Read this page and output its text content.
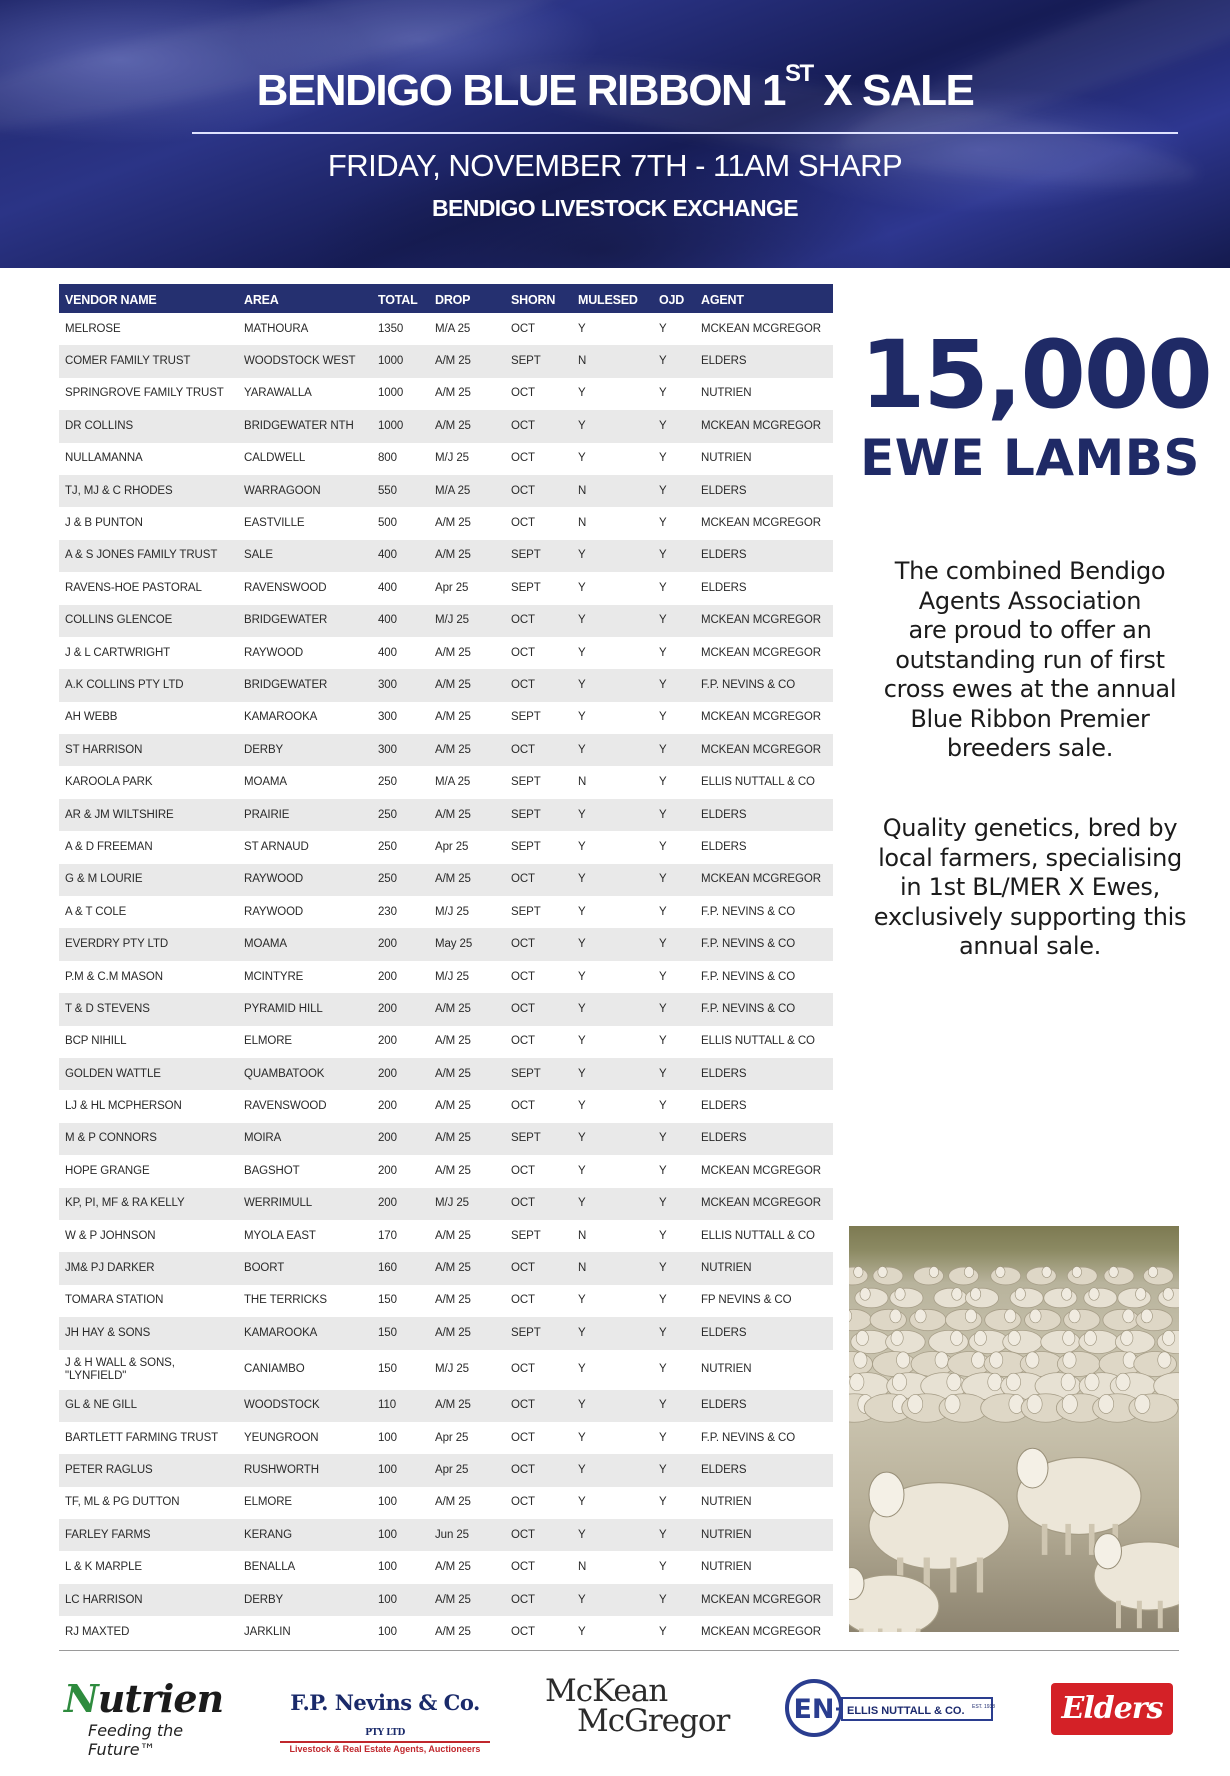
BENDIGO BLUE RIBBON 1ST X SALE
FRIDAY, NOVEMBER 7TH - 11AM SHARP
BENDIGO LIVESTOCK EXCHANGE
VENDOR NAME	AREA	TOTAL	DROP	SHORN	MULESED	OJD	AGENT
MELROSE	MATHOURA	1350	M/A 25	OCT	Y	Y	MCKEAN MCGREGOR
COMER FAMILY TRUST	WOODSTOCK WEST	1000	A/M 25	SEPT	N	Y	ELDERS
SPRINGROVE FAMILY TRUST	YARAWALLA	1000	A/M 25	OCT	Y	Y	NUTRIEN
DR COLLINS	BRIDGEWATER NTH	1000	A/M 25	OCT	Y	Y	MCKEAN MCGREGOR
NULLAMANNA	CALDWELL	800	M/J 25	OCT	Y	Y	NUTRIEN
TJ, MJ & C RHODES	WARRAGOON	550	M/A 25	OCT	N	Y	ELDERS
J & B PUNTON	EASTVILLE	500	A/M 25	OCT	N	Y	MCKEAN MCGREGOR
A & S JONES FAMILY TRUST	SALE	400	A/M 25	SEPT	Y	Y	ELDERS
RAVENS-HOE PASTORAL	RAVENSWOOD	400	Apr 25	SEPT	Y	Y	ELDERS
COLLINS GLENCOE	BRIDGEWATER	400	M/J 25	OCT	Y	Y	MCKEAN MCGREGOR
J & L CARTWRIGHT	RAYWOOD	400	A/M 25	OCT	Y	Y	MCKEAN MCGREGOR
A.K COLLINS PTY LTD	BRIDGEWATER	300	A/M 25	OCT	Y	Y	F.P. NEVINS & CO
AH WEBB	KAMAROOKA	300	A/M 25	SEPT	Y	Y	MCKEAN MCGREGOR
ST HARRISON	DERBY	300	A/M 25	OCT	Y	Y	MCKEAN MCGREGOR
KAROOLA PARK	MOAMA	250	M/A 25	SEPT	N	Y	ELLIS NUTTALL & CO
AR & JM WILTSHIRE	PRAIRIE	250	A/M 25	SEPT	Y	Y	ELDERS
A & D FREEMAN	ST ARNAUD	250	Apr 25	SEPT	Y	Y	ELDERS
G & M LOURIE	RAYWOOD	250	A/M 25	OCT	Y	Y	MCKEAN MCGREGOR
A & T COLE	RAYWOOD	230	M/J 25	SEPT	Y	Y	F.P. NEVINS & CO
EVERDRY PTY LTD	MOAMA	200	May 25	OCT	Y	Y	F.P. NEVINS & CO
P.M & C.M MASON	MCINTYRE	200	M/J 25	OCT	Y	Y	F.P. NEVINS & CO
T & D STEVENS	PYRAMID HILL	200	A/M 25	OCT	Y	Y	F.P. NEVINS & CO
BCP NIHILL	ELMORE	200	A/M 25	OCT	Y	Y	ELLIS NUTTALL & CO
GOLDEN WATTLE	QUAMBATOOK	200	A/M 25	SEPT	Y	Y	ELDERS
LJ & HL MCPHERSON	RAVENSWOOD	200	A/M 25	OCT	Y	Y	ELDERS
M & P CONNORS	MOIRA	200	A/M 25	SEPT	Y	Y	ELDERS
HOPE GRANGE	BAGSHOT	200	A/M 25	OCT	Y	Y	MCKEAN MCGREGOR
KP, PI, MF & RA KELLY	WERRIMULL	200	M/J 25	OCT	Y	Y	MCKEAN MCGREGOR
W & P JOHNSON	MYOLA EAST	170	A/M 25	SEPT	N	Y	ELLIS NUTTALL & CO
JM& PJ DARKER	BOORT	160	A/M 25	OCT	N	Y	NUTRIEN
TOMARA STATION	THE TERRICKS	150	A/M 25	OCT	Y	Y	FP NEVINS & CO
JH HAY & SONS	KAMAROOKA	150	A/M 25	SEPT	Y	Y	ELDERS
J & H WALL & SONS, "LYNFIELD"	CANIAMBO	150	M/J 25	OCT	Y	Y	NUTRIEN
GL & NE GILL	WOODSTOCK	110	A/M 25	OCT	Y	Y	ELDERS
BARTLETT FARMING TRUST	YEUNGROON	100	Apr 25	OCT	Y	Y	F.P. NEVINS & CO
PETER RAGLUS	RUSHWORTH	100	Apr 25	OCT	Y	Y	ELDERS
TF, ML & PG DUTTON	ELMORE	100	A/M 25	OCT	Y	Y	NUTRIEN
FARLEY FARMS	KERANG	100	Jun 25	OCT	Y	Y	NUTRIEN
L & K MARPLE	BENALLA	100	A/M 25	OCT	N	Y	NUTRIEN
LC HARRISON	DERBY	100	A/M 25	OCT	Y	Y	MCKEAN MCGREGOR
RJ MAXTED	JARKLIN	100	A/M 25	OCT	Y	Y	MCKEAN MCGREGOR
15,000
EWE LAMBS
The combined Bendigo
Agents Association
are proud to offer an
outstanding run of first
cross ewes at the annual
Blue Ribbon Premier
breeders sale.
Quality genetics, bred by
local farmers, specialising
in 1st BL/MER X Ewes,
exclusively supporting this
annual sale.
Nutrien
Feeding the Future™
F.P. Nevins & Co. PTY LTD
Livestock & Real Estate Agents, Auctioneers
McKean
McGregor	EN ELLIS NUTTALL & CO. EST. 1938	Elders
